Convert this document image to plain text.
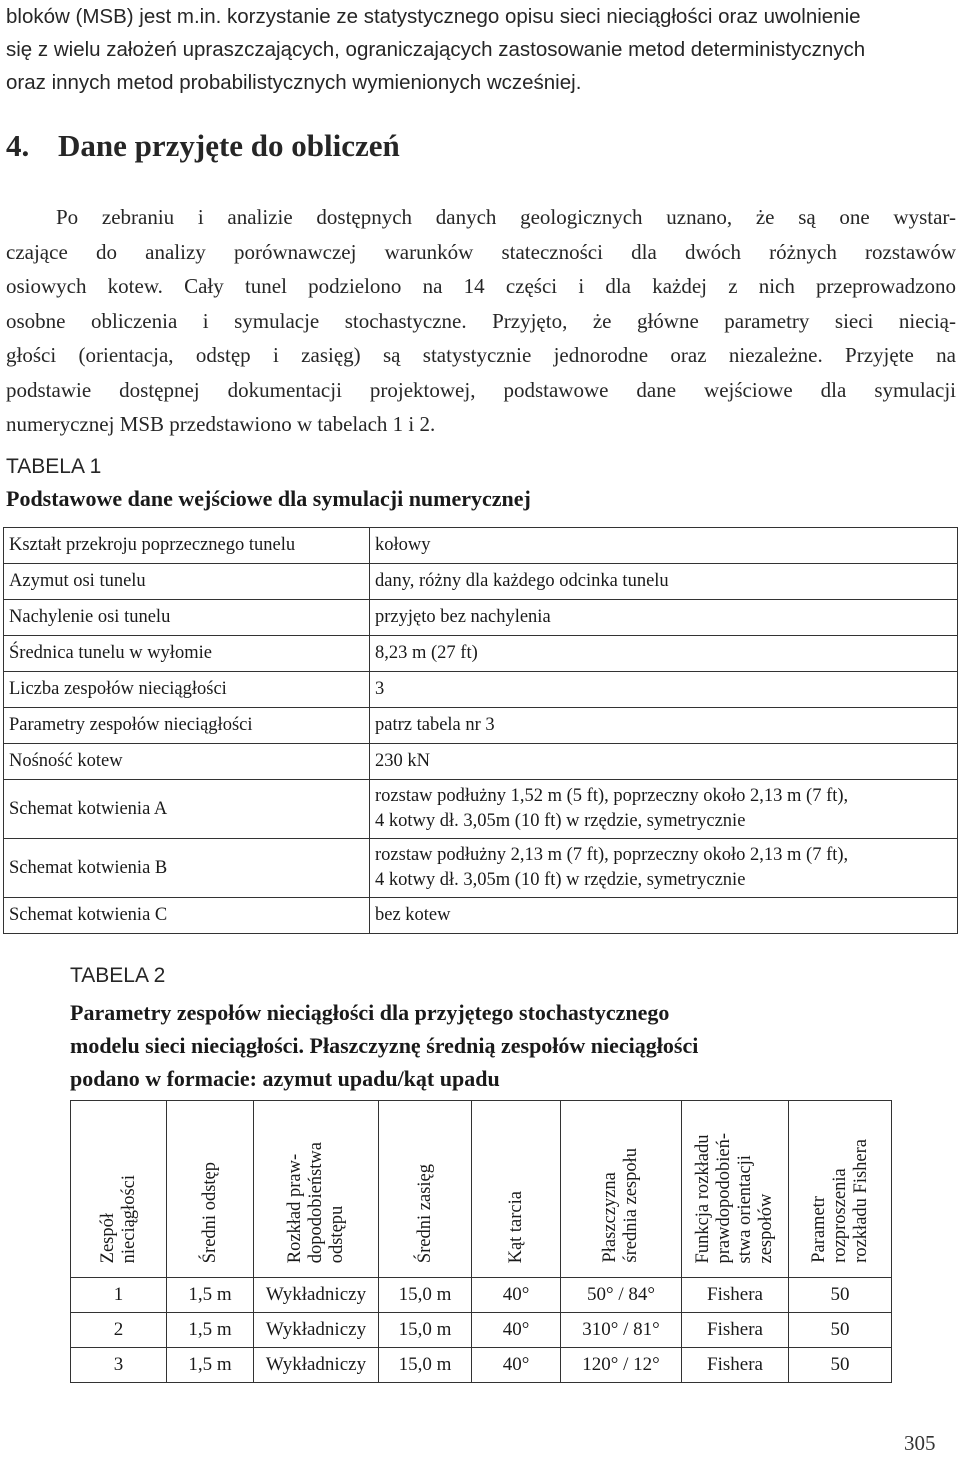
bloków (MSB) jest m.in. korzystanie ze statystycznego opisu sieci nieciągłości oraz uwolnienie
się z wielu założeń upraszczających, ograniczających zastosowanie metod deterministycznych
oraz innych metod probabilistycznych wymienionych wcześniej.

4. Dane przyjęte do obliczeń

Po zebraniu i analizie dostępnych danych geologicznych uznano, że są one wystar-
czające do analizy porównawczej warunków stateczności dla dwóch różnych rozstawów
osiowych kotew. Cały tunel podzielono na 14 części i dla każdej z nich przeprowadzono
osobne obliczenia i symulacje stochastyczne. Przyjęto, że główne parametry sieci niecią-
głości (orientacja, odstęp i zasięg) są statystycznie jednorodne oraz niezależne. Przyjęte na
podstawie dostępnej dokumentacji projektowej, podstawowe dane wejściowe dla symulacji
numerycznej MSB przedstawiono w tabelach 1 i 2.

TABELA 1

Podstawowe dane wejściowe dla symulacji numerycznej

Kształt przekroju poprzecznego tunelu	kołowy
Azymut osi tunelu	dany, różny dla każdego odcinka tunelu
Nachylenie osi tunelu	przyjęto bez nachylenia
Średnica tunelu w wyłomie	8,23 m (27 ft)
Liczba zespołów nieciągłości	3
Parametry zespołów nieciągłości	patrz tabela nr 3
Nośność kotew	230 kN
Schemat kotwienia A	rozstaw podłużny 1,52 m (5 ft), poprzeczny około 2,13 m (7 ft),
4 kotwy dł. 3,05m (10 ft) w rzędzie, symetrycznie

Schemat kotwienia B	rozstaw podłużny 2,13 m (7 ft), poprzeczny około 2,13 m (7 ft),
4 kotwy dł. 3,05m (10 ft) w rzędzie, symetrycznie

Schemat kotwienia C	bez kotew

TABELA 2

Parametry zespołów nieciągłości dla przyjętego stochastycznego
modelu sieci nieciągłości. Płaszczyznę średnią zespołów nieciągłości
podano w formacie: azymut upadu/kąt upadu

Zespół nieciągłości	Średni odstęp	Rozkład praw- dopodobieństwa odstępu	Średni zasięg	Kąt tarcia	Płaszczyzna średnia zespołu	Funkcja rozkładu prawdopodobień- stwa orientacji zespołów	Parametr rozproszenia rozkładu Fishera

1	1,5 m	Wykładniczy	15,0 m	40°	50° / 84°	Fishera	50
2	1,5 m	Wykładniczy	15,0 m	40°	310° / 81°	Fishera	50
3	1,5 m	Wykładniczy	15,0 m	40°	120° / 12°	Fishera	50

305
